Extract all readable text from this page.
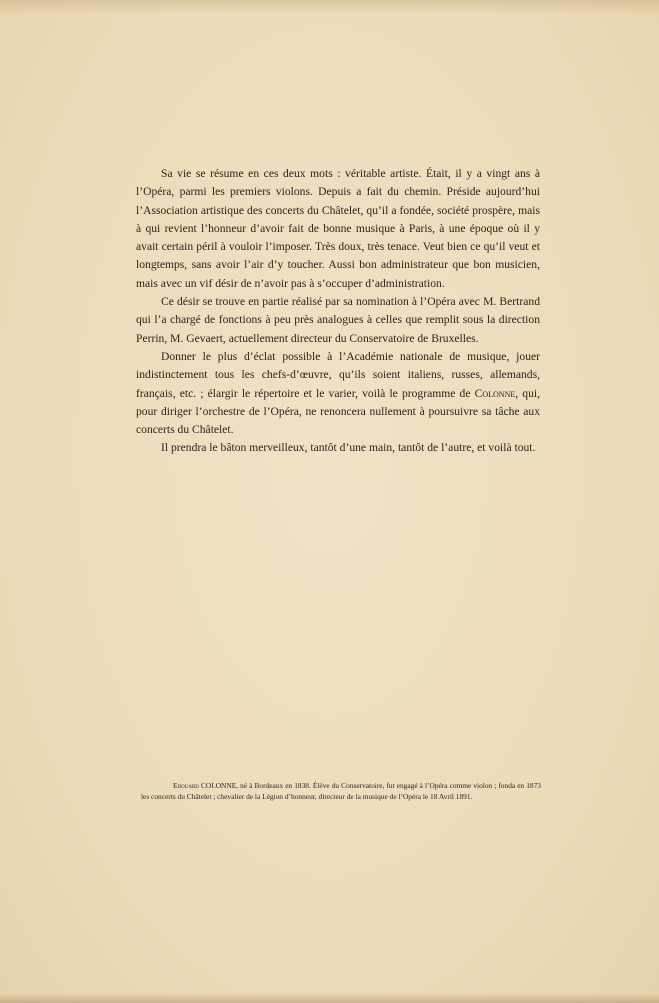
Sa vie se résume en ces deux mots : véritable artiste. Était, il y a vingt ans à l’Opéra, parmi les premiers violons. Depuis a fait du chemin. Préside aujourd’hui l’Association artistique des concerts du Châtelet, qu’il a fondée, société prospère, mais à qui revient l’honneur d’avoir fait de bonne musique à Paris, à une époque où il y avait certain péril à vouloir l’imposer. Très doux, très tenace. Veut bien ce qu’il veut et longtemps, sans avoir l’air d’y toucher. Aussi bon administrateur que bon musicien, mais avec un vif désir de n’avoir pas à s’occuper d’administration.

Ce désir se trouve en partie réalisé par sa nomination à l’Opéra avec M. Bertrand qui l’a chargé de fonctions à peu près analogues à celles que remplit sous la direction Perrin, M. Gevaert, actuellement directeur du Conservatoire de Bruxelles.

Donner le plus d’éclat possible à l’Académie nationale de musique, jouer indistinctement tous les chefs-d’œuvre, qu’ils soient italiens, russes, allemands, français, etc. ; élargir le répertoire et le varier, voilà le programme de Colonne, qui, pour diriger l’orchestre de l’Opéra, ne renoncera nullement à poursuivre sa tâche aux concerts du Châtelet.

Il prendra le bâton merveilleux, tantôt d’une main, tantôt de l’autre, et voilà tout.

Edouard COLONNE, né à Bordeaux en 1838. Élève du Conservatoire, fut engagé à l’Opéra comme violon ; fonda en 1873 les concerts du Châtelet ; chevalier de la Légion d’honneur, directeur de la musique de l’Opéra le 18 Avril 1891.
